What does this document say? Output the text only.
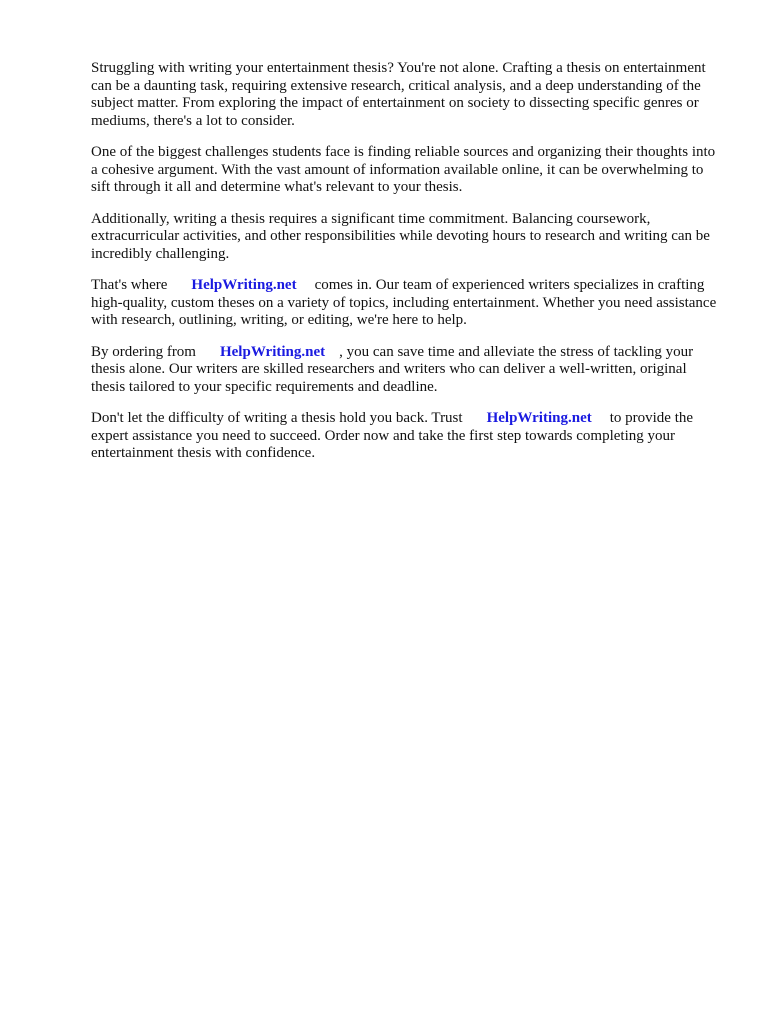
Struggling with writing your entertainment thesis? You're not alone. Crafting a thesis on entertainment can be a daunting task, requiring extensive research, critical analysis, and a deep understanding of the subject matter. From exploring the impact of entertainment on society to dissecting specific genres or mediums, there's a lot to consider.

One of the biggest challenges students face is finding reliable sources and organizing their thoughts into a cohesive argument. With the vast amount of information available online, it can be overwhelming to sift through it all and determine what's relevant to your thesis.

Additionally, writing a thesis requires a significant time commitment. Balancing coursework, extracurricular activities, and other responsibilities while devoting hours to research and writing can be incredibly challenging.

That's where HelpWriting.net comes in. Our team of experienced writers specializes in crafting high-quality, custom theses on a variety of topics, including entertainment. Whether you need assistance with research, outlining, writing, or editing, we're here to help.

By ordering from HelpWriting.net , you can save time and alleviate the stress of tackling your thesis alone. Our writers are skilled researchers and writers who can deliver a well-written, original thesis tailored to your specific requirements and deadline.

Don't let the difficulty of writing a thesis hold you back. Trust HelpWriting.net to provide the expert assistance you need to succeed. Order now and take the first step towards completing your entertainment thesis with confidence.
